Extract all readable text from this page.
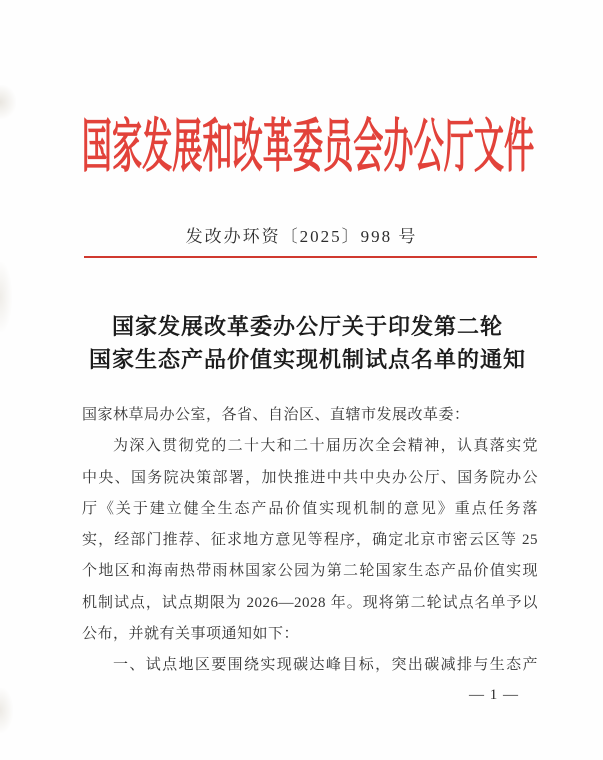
国家发展和改革委员会办公厅文件
发改办环资〔2025〕998 号
国家发展改革委办公厅关于印发第二轮
国家生态产品价值实现机制试点名单的通知
国家林草局办公室，各省、自治区、直辖市发展改革委：
为深入贯彻党的二十大和二十届历次全会精神，认真落实党
中央、国务院决策部署，加快推进中共中央办公厅、国务院办公
厅《关于建立健全生态产品价值实现机制的意见》重点任务落
实，经部门推荐、征求地方意见等程序，确定北京市密云区等 25
个地区和海南热带雨林国家公园为第二轮国家生态产品价值实现
机制试点，试点期限为 2026—2028 年。现将第二轮试点名单予以
公布，并就有关事项通知如下：
一、试点地区要围绕实现碳达峰目标，突出碳减排与生态产
— 1 —
